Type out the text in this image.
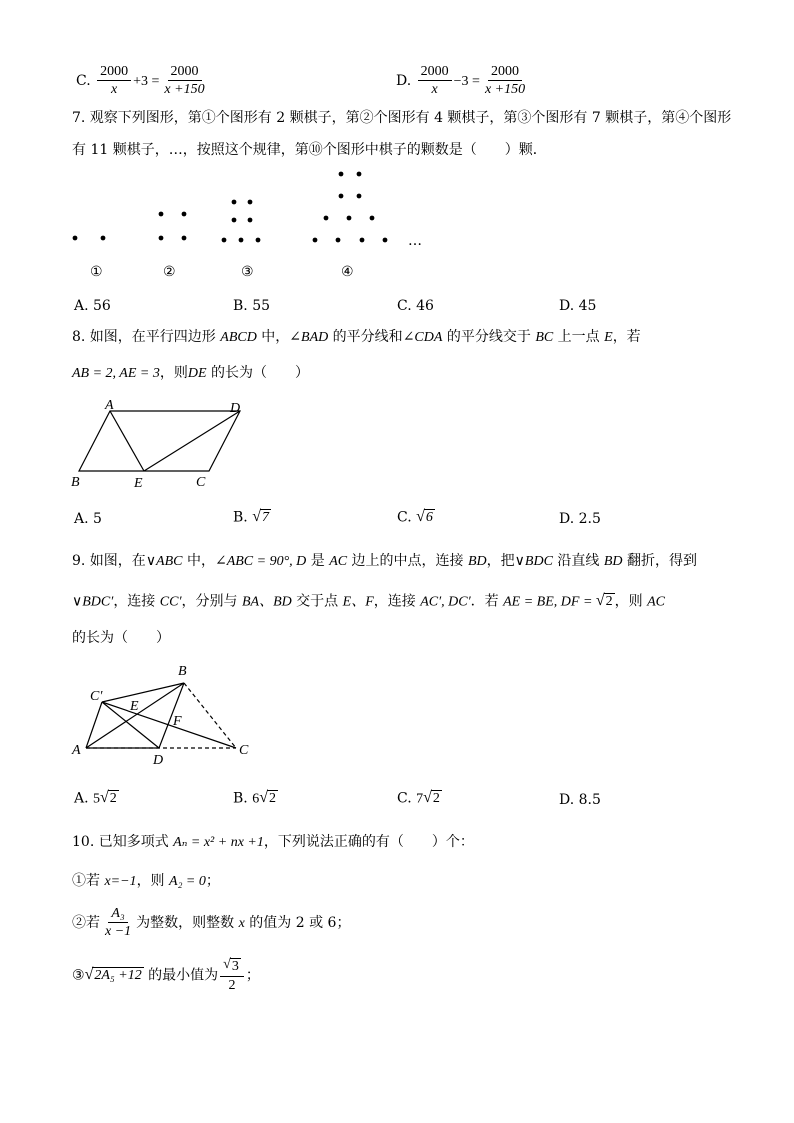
C. $\frac{2000}{x} +3 = \frac{2000}{x +150}$	D. $\frac{2000}{x} -3 = \frac{2000}{x +150}$
7. 观察下列图形，第①个图形有 2 颗棋子，第②个图形有 4 颗棋子，第③个图形有 7 颗棋子，第④个图形
有 11 颗棋子，…，按照这个规律，第⑩个图形中棋子的颗数是（　　）颗．
…
①	②	③	④
A. 56	B. 55	C. 46	D. 45
8. 如图，在平行四边形 ABCD 中，∠BAD 的平分线和∠CDA 的平分线交于 BC 上一点 E，若
AB = 2, AE = 3，则DE 的长为（　　）
A	D
B	E	C
A. 5	B. √ 7	C. √ 6	D. 2.5
9. 如图，在∨ABC 中，∠ABC = 90°, D 是 AC 边上的中点，连接 BD，把∨BDC 沿直线 BD 翻折，得到
∨BDC′，连接 CC′，分别与 BA、BD 交于点 E、F，连接 AC′, DC′．若 AE = BE, DF = √ 2 ，则 AC
的长为（　　）
B
C′
E
F
A
D
C
A. 5 √ 2	B. 6 √ 2	C. 7 √ 2	D. 8.5
10. 已知多项式 Aₙ = x² + nx +1，下列说法正确的有（　　）个：
①若 x=−1，则 A₂ = 0；
②若 $\frac{\text{A₃}}{x -1}$ 为整数，则整数 x 的值为 2 或 6；
③ √ 2A₅ +12 的最小值为 $\frac{√ 3}{2}$ ；
